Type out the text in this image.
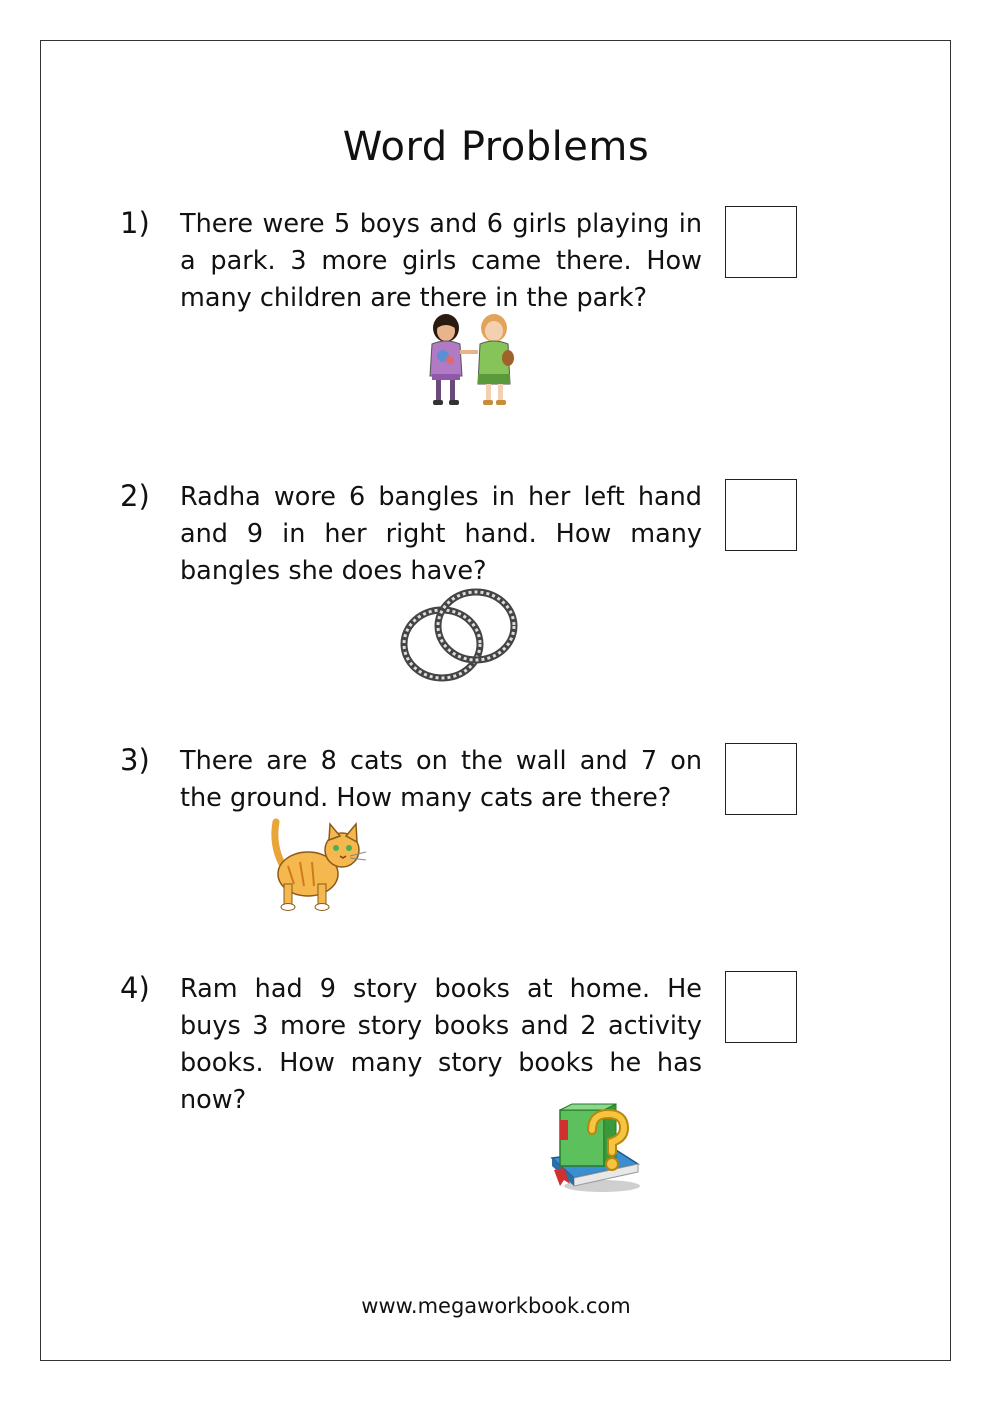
Word Problems
1) There were 5 boys and 6 girls playing in a park. 3 more girls came there. How many children are there in the park?
2) Radha wore 6 bangles in her left hand and 9 in her right hand. How many bangles she does have?
3) There are 8 cats on the wall and 7 on the ground. How many cats are there?
4) Ram had 9 story books at home. He buys 3 more story books and 2 activity books. How many story books he has now?
www.megaworkbook.com
